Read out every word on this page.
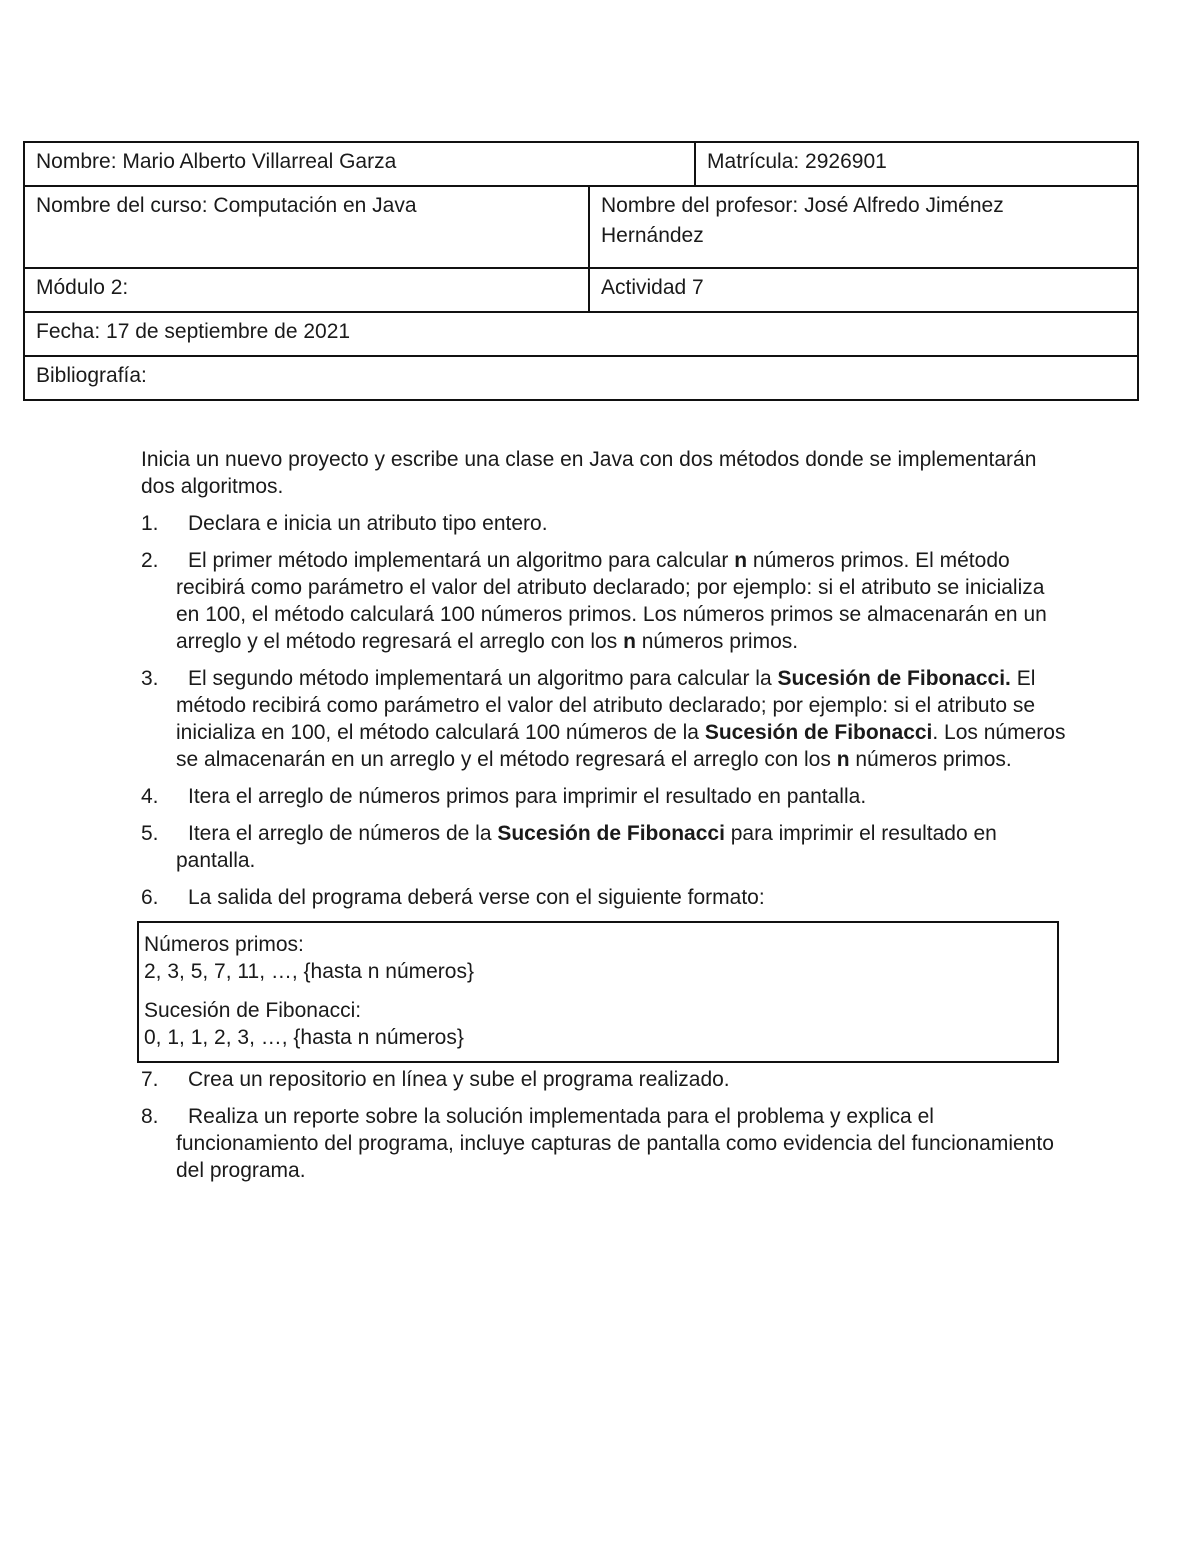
Nombre: Mario Alberto Villarreal Garza		Matrícula: 2926901
Nombre del curso: Computación en Java	Nombre del profesor: José Alfredo Jiménez
Hernández	

Módulo 2:	Actividad 7	
Fecha: 17 de septiembre de 2021		
Bibliografía:		

Inicia un nuevo proyecto y escribe una clase en Java con dos métodos donde se implementarán dos algoritmos.

1. Declara e inicia un atributo tipo entero.
2. El primer método implementará un algoritmo para calcular n números primos. El método recibirá como parámetro el valor del atributo declarado; por ejemplo: si el atributo se inicializa en 100, el método calculará 100 números primos. Los números primos se almacenarán en un arreglo y el método regresará el arreglo con los n números primos.
3. El segundo método implementará un algoritmo para calcular la Sucesión de Fibonacci. El método recibirá como parámetro el valor del atributo declarado; por ejemplo: si el atributo se inicializa en 100, el método calculará 100 números de la Sucesión de Fibonacci. Los números se almacenarán en un arreglo y el método regresará el arreglo con los n números primos.
4. Itera el arreglo de números primos para imprimir el resultado en pantalla.
5. Itera el arreglo de números de la Sucesión de Fibonacci para imprimir el resultado en pantalla.
6. La salida del programa deberá verse con el siguiente formato:

Números primos:

2, 3, 5, 7, 11, …, {hasta n números}

Sucesión de Fibonacci:

0, 1, 1, 2, 3, …, {hasta n números}

7. Crea un repositorio en línea y sube el programa realizado.
8. Realiza un reporte sobre la solución implementada para el problema y explica el funcionamiento del programa, incluye capturas de pantalla como evidencia del funcionamiento del programa.
